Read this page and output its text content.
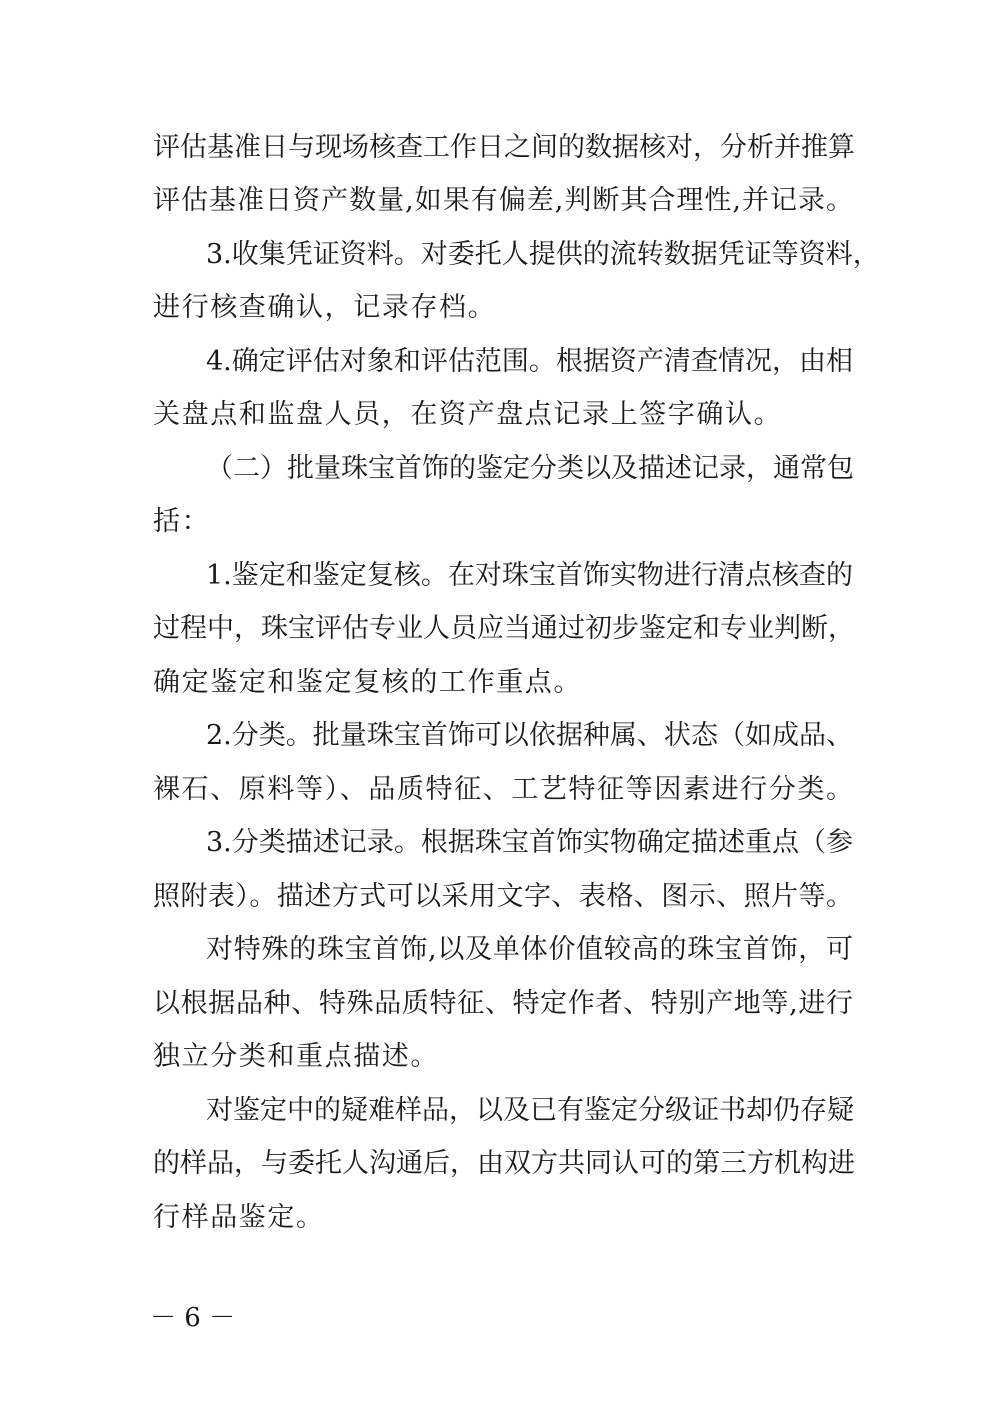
评估基准日与现场核查工作日之间的数据核对，分析并推算
评估基准日资产数量,如果有偏差,判断其合理性,并记录。
3.收集凭证资料。对委托人提供的流转数据凭证等资料，
进行核查确认，记录存档。
4.确定评估对象和评估范围。根据资产清查情况，由相
关盘点和监盘人员，在资产盘点记录上签字确认。
（二）批量珠宝首饰的鉴定分类以及描述记录，通常包
括：
1.鉴定和鉴定复核。在对珠宝首饰实物进行清点核查的
过程中，珠宝评估专业人员应当通过初步鉴定和专业判断，
确定鉴定和鉴定复核的工作重点。
2.分类。批量珠宝首饰可以依据种属、状态（如成品、
裸石、原料等）、品质特征、工艺特征等因素进行分类。
3.分类描述记录。根据珠宝首饰实物确定描述重点（参
照附表）。描述方式可以采用文字、表格、图示、照片等。
对特殊的珠宝首饰,以及单体价值较高的珠宝首饰，可
以根据品种、特殊品质特征、特定作者、特别产地等,进行
独立分类和重点描述。
对鉴定中的疑难样品，以及已有鉴定分级证书却仍存疑
的样品，与委托人沟通后，由双方共同认可的第三方机构进
行样品鉴定。
－ 6 －
